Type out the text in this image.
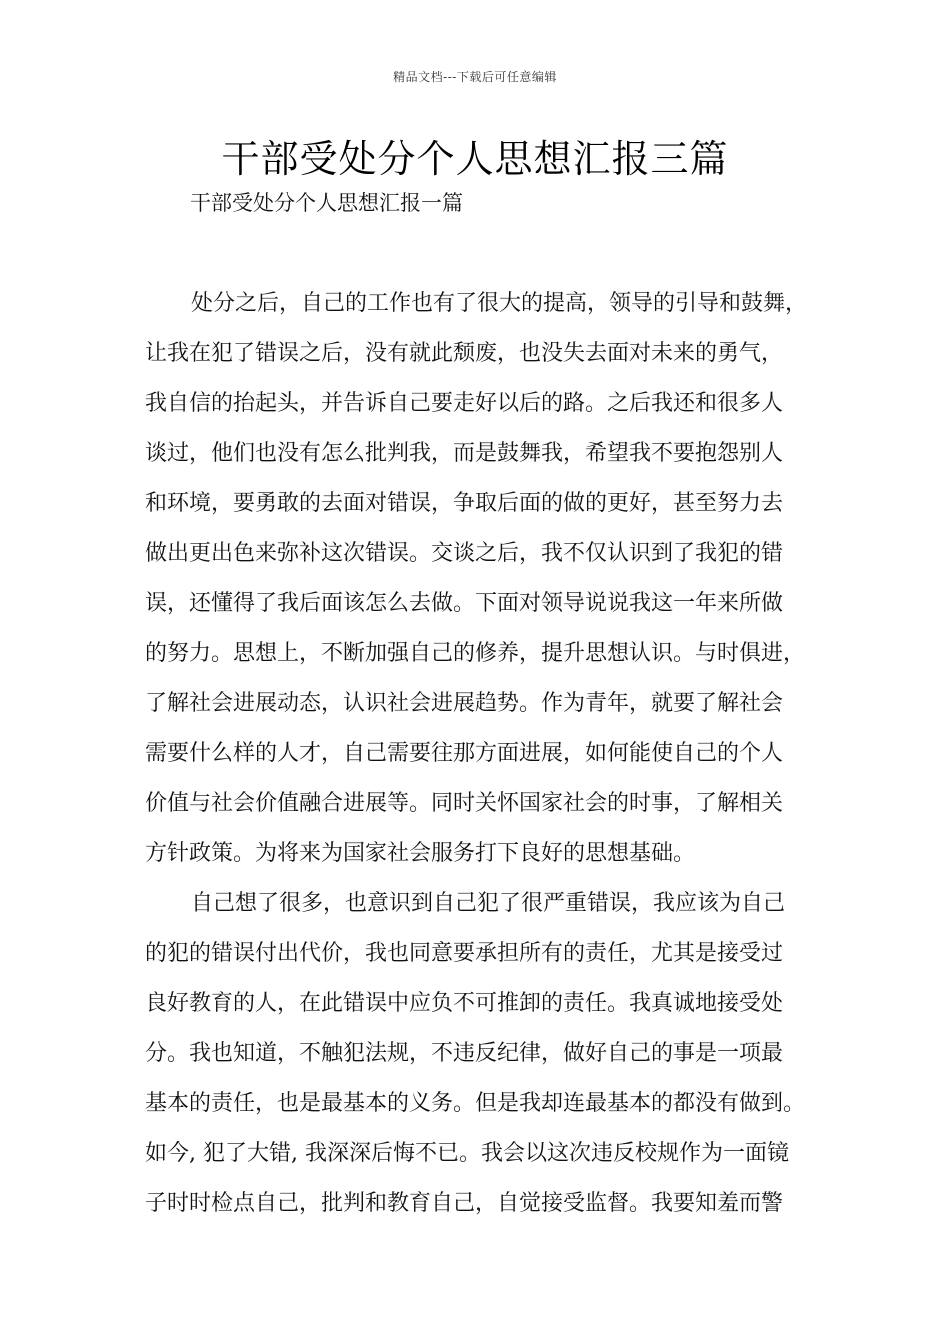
精品文档---下载后可任意编辑
干部受处分个人思想汇报三篇

干部受处分个人思想汇报一篇

处分之后，自己的工作也有了很大的提高，领导的引导和鼓舞，
让我在犯了错误之后，没有就此颓废，也没失去面对未来的勇气，
我自信的抬起头，并告诉自己要走好以后的路。之后我还和很多人
谈过，他们也没有怎么批判我，而是鼓舞我，希望我不要抱怨别人
和环境，要勇敢的去面对错误，争取后面的做的更好，甚至努力去
做出更出色来弥补这次错误。交谈之后，我不仅认识到了我犯的错
误，还懂得了我后面该怎么去做。下面对领导说说我这一年来所做
的努力。思想上，不断加强自己的修养，提升思想认识。与时俱进，
了解社会进展动态，认识社会进展趋势。作为青年，就要了解社会
需要什么样的人才，自己需要往那方面进展，如何能使自己的个人
价值与社会价值融合进展等。同时关怀国家社会的时事，了解相关
方针政策。为将来为国家社会服务打下良好的思想基础。
自己想了很多，也意识到自己犯了很严重错误，我应该为自己
的犯的错误付出代价，我也同意要承担所有的责任，尤其是接受过
良好教育的人，在此错误中应负不可推卸的责任。我真诚地接受处
分。我也知道，不触犯法规，不违反纪律，做好自己的事是一项最
基本的责任，也是最基本的义务。但是我却连最基本的都没有做到。
如今, 犯了大错, 我深深后悔不已。我会以这次违反校规作为一面镜
子时时检点自己，批判和教育自己，自觉接受监督。我要知羞而警
